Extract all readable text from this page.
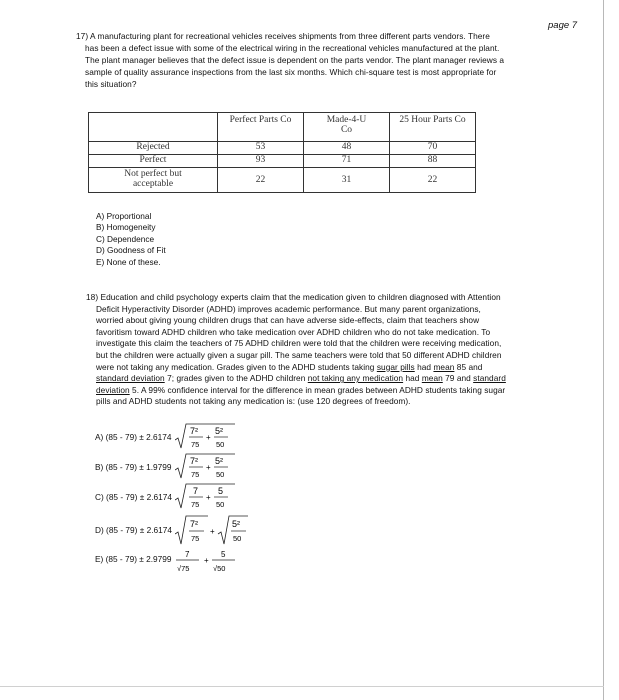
page 7

17) A manufacturing plant for recreational vehicles receives shipments from three different parts vendors. There

has been a defect issue with some of the electrical wiring in the recreational vehicles manufactured at the plant.

The plant manager believes that the defect issue is dependent on the parts vendor. The plant manager reviews a

sample of quality assurance inspections from the last six months. Which chi-square test is most appropriate for

this situation?

	Perfect Parts Co	Made-4-U Co	25 Hour Parts Co
Rejected	53	48	70
Perfect	93	71	88
Not perfect but acceptable	22	31	22
A) Proportional
B) Homogeneity
C) Dependence
D) Goodness of Fit
E) None of these.

18) Education and child psychology experts claim that the medication given to children diagnosed with Attention

Deficit Hyperactivity Disorder (ADHD) improves academic performance. But many parent organizations,

worried about giving young children drugs that can have adverse side-effects, claim that teachers show

favoritism toward ADHD children who take medication over ADHD children who do not take medication. To

investigate this claim the teachers of 75 ADHD children were told that the children were receiving medication,

but the children were actually given a sugar pill. The same teachers were told that 50 different ADHD children

were not taking any medication. Grades given to the ADHD students taking sugar pills had mean 85 and

standard deviation 7; grades given to the ADHD children not taking any medication had mean 79 and standard

deviation 5. A 99% confidence interval for the difference in mean grades between ADHD students taking sugar

pills and ADHD students not taking any medication is: (use 120 degrees of freedom).

A) (85 - 79) ± 2.6174
7²
75
+
5²
50
B) (85 - 79) ± 1.9799
7²
75
+
5²
50
C) (85 - 79) ± 2.6174
7
75
+
5
50
D) (85 - 79) ± 2.6174
7²
75
+
5²
50
E) (85 - 79) ± 2.9799 7
√75
+
5
√50
